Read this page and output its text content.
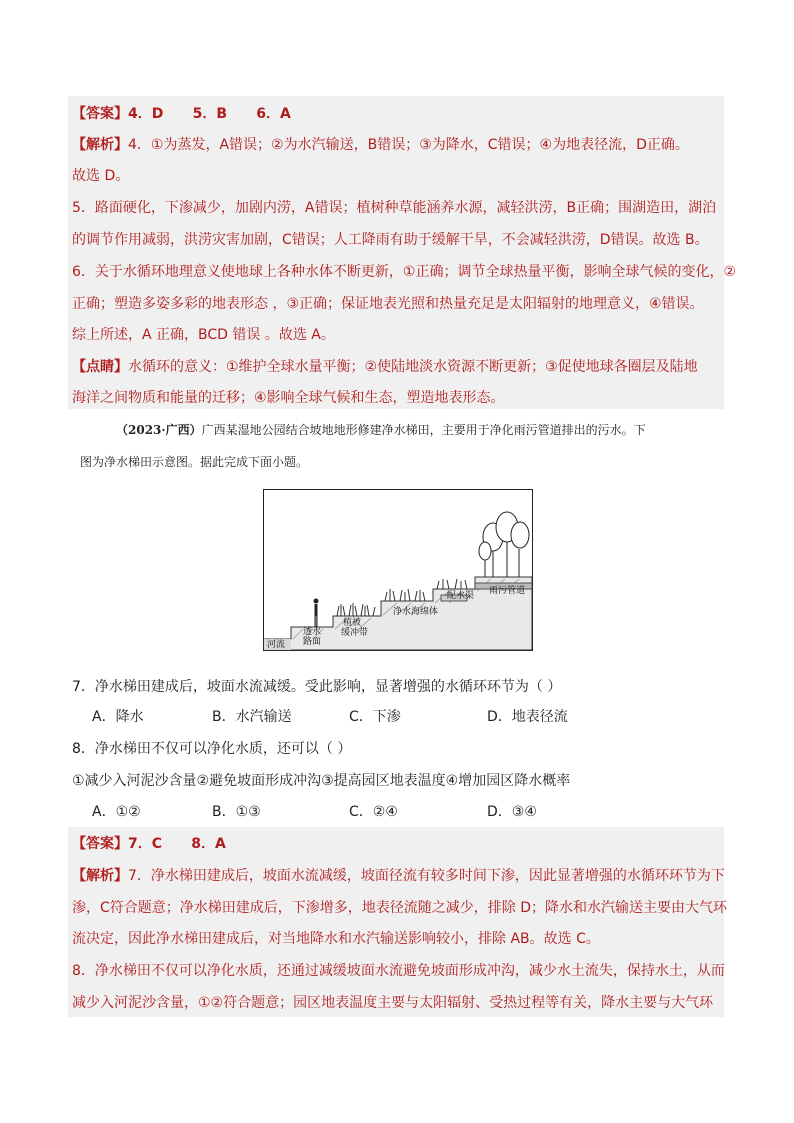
【答案】4．D      5．B      6．A
【解析】4．①为蒸发，A错误；②为水汽输送，B错误；③为降水，C错误；④为地表径流，D正确。
故选 D。
5．路面硬化，下渗减少，加剧内涝，A错误；植树种草能涵养水源，减轻洪涝，B正确；围湖造田，湖泊
的调节作用减弱，洪涝灾害加剧，C错误；人工降雨有助于缓解干旱，不会减轻洪涝，D错误。故选 B。
6．关于水循环地理意义使地球上各种水体不断更新，①正确；调节全球热量平衡，影响全球气候的变化，②
正确；塑造多姿多彩的地表形态 ，③正确；保证地表光照和热量充足是太阳辐射的地理意义，④错误。
综上所述，A 正确，BCD 错误 。故选 A。
【点睛】水循环的意义：①维护全球水量平衡；②使陆地淡水资源不断更新；③促使地球各圈层及陆地
海洋之间物质和能量的迁移；④影响全球气候和生态，塑造地表形态。
（2023·广西）广西某湿地公园结合坡地地形修建净水梯田，主要用于净化雨污管道排出的污水。下
图为净水梯田示意图。据此完成下面小题。
河流
透水
路面
植被
缓冲带
净水海绵体
配水渠 雨污管道
7．净水梯田建成后，坡面水流减缓。受此影响，显著增强的水循环环节为（ ）
A．降水	B．水汽输送	C．下渗	D．地表径流
8．净水梯田不仅可以净化水质，还可以（ ）
①减少入河泥沙含量②避免坡面形成冲沟③提高园区地表温度④增加园区降水概率
A．①②	B．①③	C．②④	D．③④
【答案】7．C      8．A
【解析】7．净水梯田建成后，坡面水流减缓，坡面径流有较多时间下渗，因此显著增强的水循环环节为下
渗，C符合题意；净水梯田建成后，下渗增多，地表径流随之减少，排除 D；降水和水汽输送主要由大气环
流决定，因此净水梯田建成后，对当地降水和水汽输送影响较小，排除 AB。故选 C。
8．净水梯田不仅可以净化水质，还通过减缓坡面水流避免坡面形成冲沟，减少水土流失，保持水土，从而
减少入河泥沙含量，①②符合题意；园区地表温度主要与太阳辐射、受热过程等有关，降水主要与大气环
